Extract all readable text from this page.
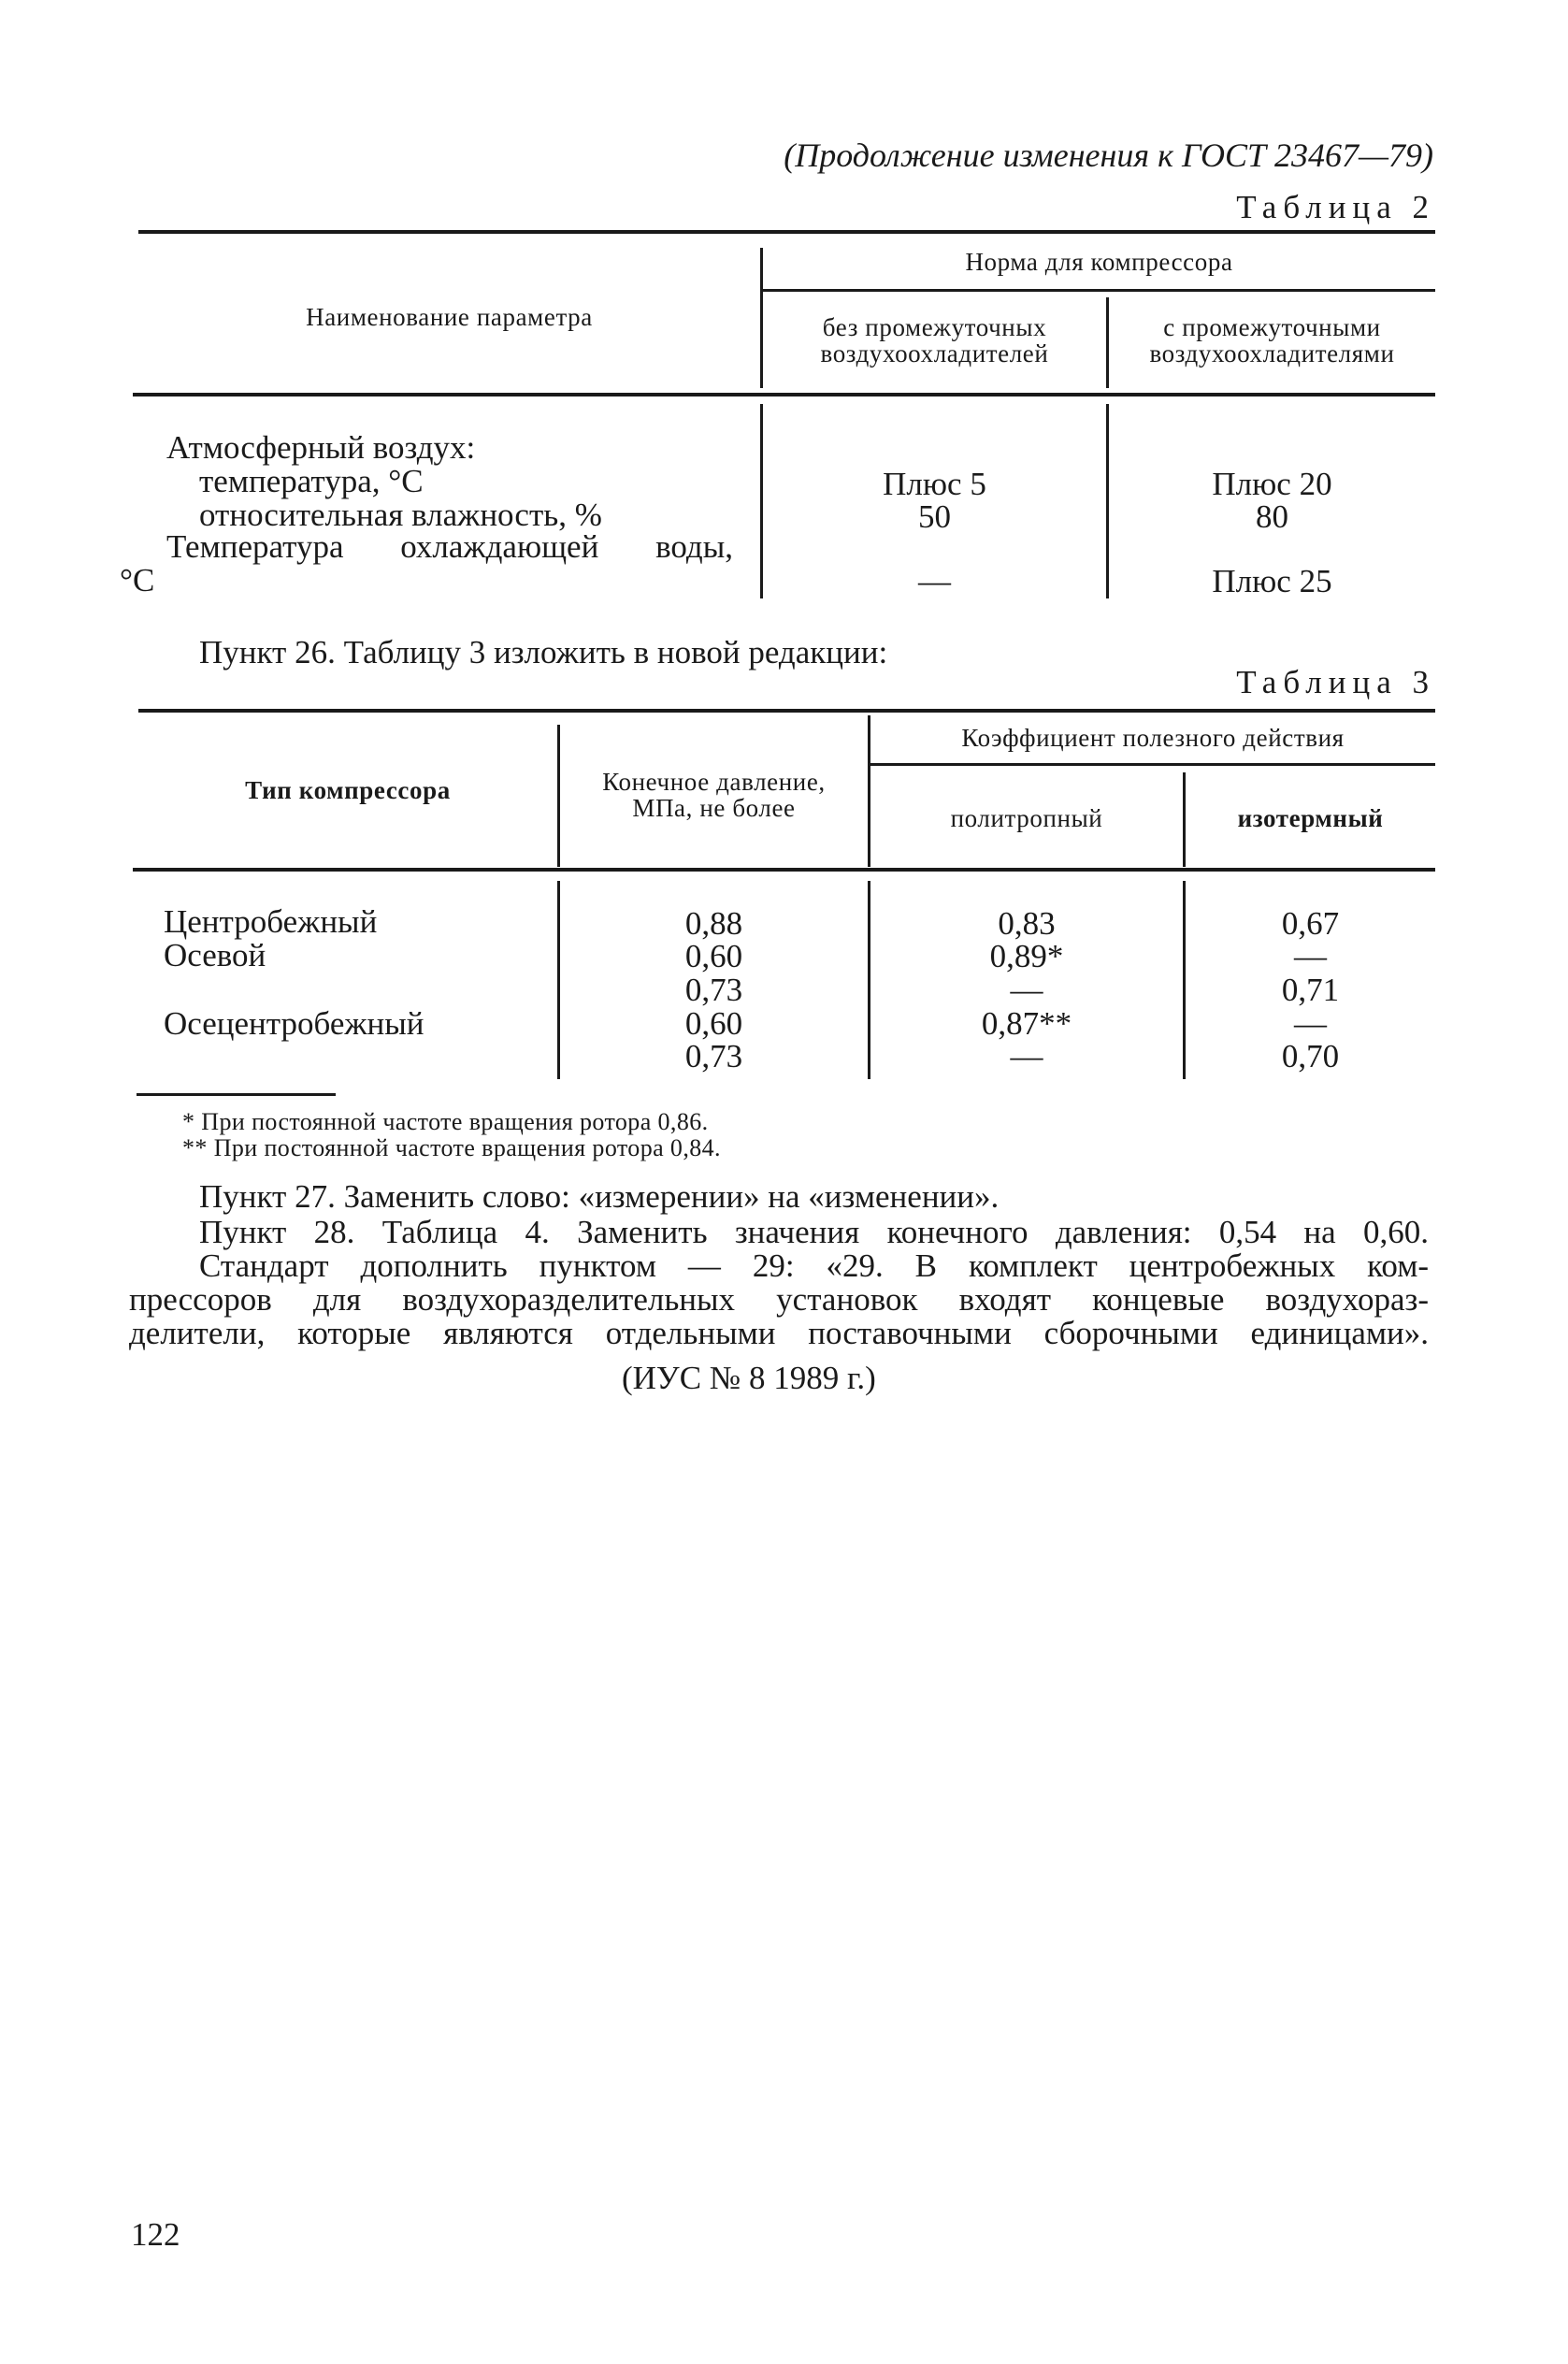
(Продолжение изменения к ГОСТ 23467—79)
Таблица 2
Наименование параметра
Норма для компрессора
без промежуточных
воздухоохладителей
с промежуточными
воздухоохладителями
Атмосферный воздух:
температура, °С
относительная влажность, %
Температура охлаждающей воды,
°С
Плюс 5
50
—
Плюс 20
80
Плюс 25
Пункт 26. Таблицу 3 изложить в новой редакции:
Таблица 3
Тип компрессора	Конечное давление,
МПа, не более
Коэффициент полезного действия
политропный	изотермный
Центробежный
Осевой
Осецентробежный
0,88
0,60
0,73
0,60
0,73
0,83
0,89*
—
0,87**
—
0,67
—
0,71
—
0,70
* При постоянной частоте вращения ротора 0,86.
** При постоянной частоте вращения ротора 0,84.
Пункт 27. Заменить слово: «измерении» на «изменении».
Пункт 28. Таблица 4. Заменить значения конечного давления: 0,54 на 0,60.
Стандарт дополнить пунктом — 29: «29. В комплект центробежных ком-
прессоров для воздухоразделительных установок входят концевые воздухораз-
делители, которые являются отдельными поставочными сборочными единицами».
(ИУС № 8 1989 г.)
122
